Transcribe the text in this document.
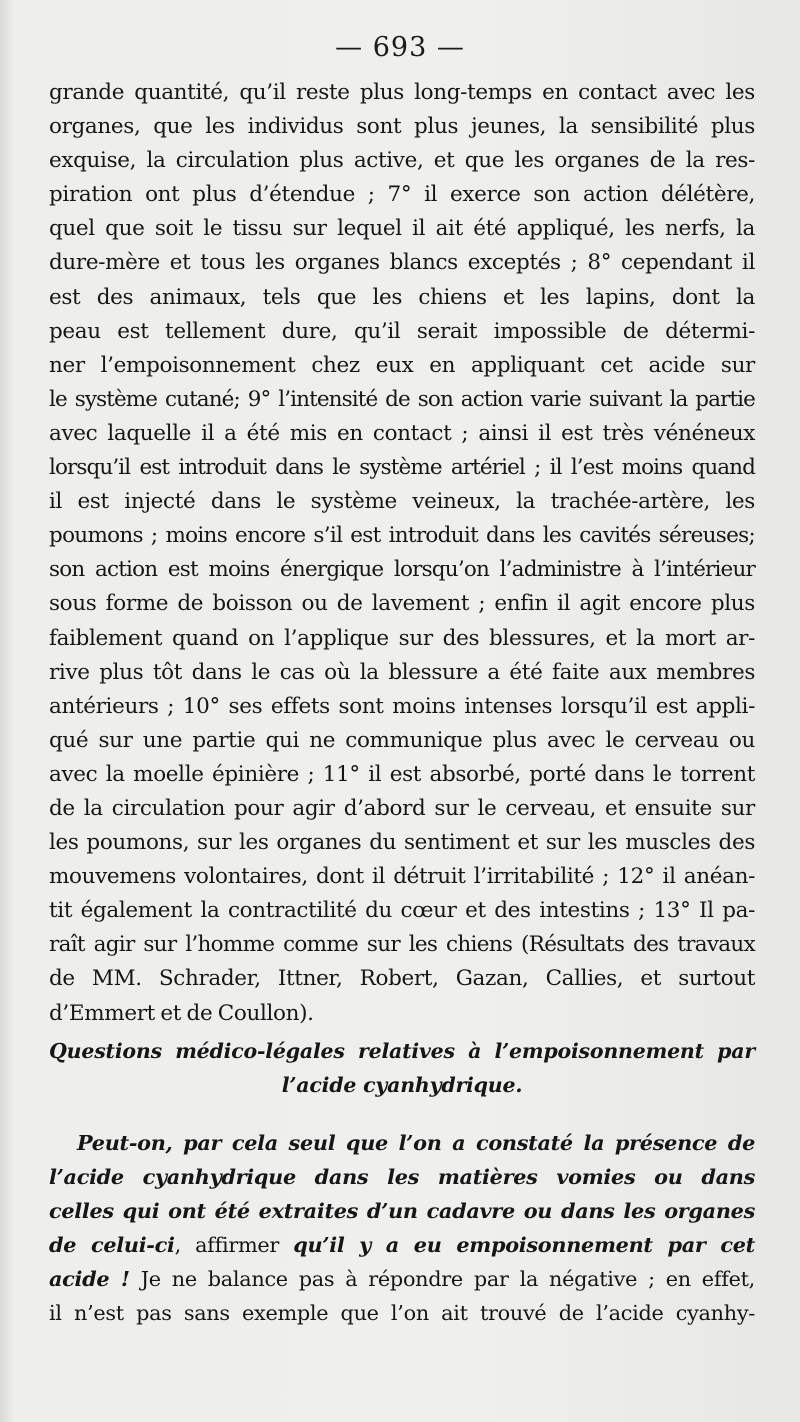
— 693 —
grande quantité, qu’il reste plus long-temps en contact avec les
organes, que les individus sont plus jeunes, la sensibilité plus
exquise, la circulation plus active, et que les organes de la res-
piration ont plus d’étendue ; 7° il exerce son action délétère,
quel que soit le tissu sur lequel il ait été appliqué, les nerfs, la
dure-mère et tous les organes blancs exceptés ; 8° cependant il
est des animaux, tels que les chiens et les lapins, dont la
peau est tellement dure, qu’il serait impossible de détermi-
ner l’empoisonnement chez eux en appliquant cet acide sur
le système cutané; 9° l’intensité de son action varie suivant la partie
avec laquelle il a été mis en contact ; ainsi il est très vénéneux
lorsqu’il est introduit dans le système artériel ; il l’est moins quand
il est injecté dans le système veineux, la trachée-artère, les
poumons ; moins encore s’il est introduit dans les cavités séreuses;
son action est moins énergique lorsqu’on l’administre à l’intérieur
sous forme de boisson ou de lavement ; enfin il agit encore plus
faiblement quand on l’applique sur des blessures, et la mort ar-
rive plus tôt dans le cas où la blessure a été faite aux membres
antérieurs ; 10° ses effets sont moins intenses lorsqu’il est appli-
qué sur une partie qui ne communique plus avec le cerveau ou
avec la moelle épinière ; 11° il est absorbé, porté dans le torrent
de la circulation pour agir d’abord sur le cerveau, et ensuite sur
les poumons, sur les organes du sentiment et sur les muscles des
mouvemens volontaires, dont il détruit l’irritabilité ; 12° il anéan-
tit également la contractilité du cœur et des intestins ; 13° Il pa-
raît agir sur l’homme comme sur les chiens (Résultats des travaux
de MM. Schrader, Ittner, Robert, Gazan, Callies, et surtout
d’Emmert et de Coullon).
Questions médico-légales relatives à l’empoisonnement par
l’acide cyanhydrique.
Peut-on, par cela seul que l’on a constaté la présence de
l’acide cyanhydrique dans les matières vomies ou dans
celles qui ont été extraites d’un cadavre ou dans les organes
de celui-ci, affirmer qu’il y a eu empoisonnement par cet
acide ! Je ne balance pas à répondre par la négative ; en effet,
il n’est pas sans exemple que l’on ait trouvé de l’acide cyanhy-
